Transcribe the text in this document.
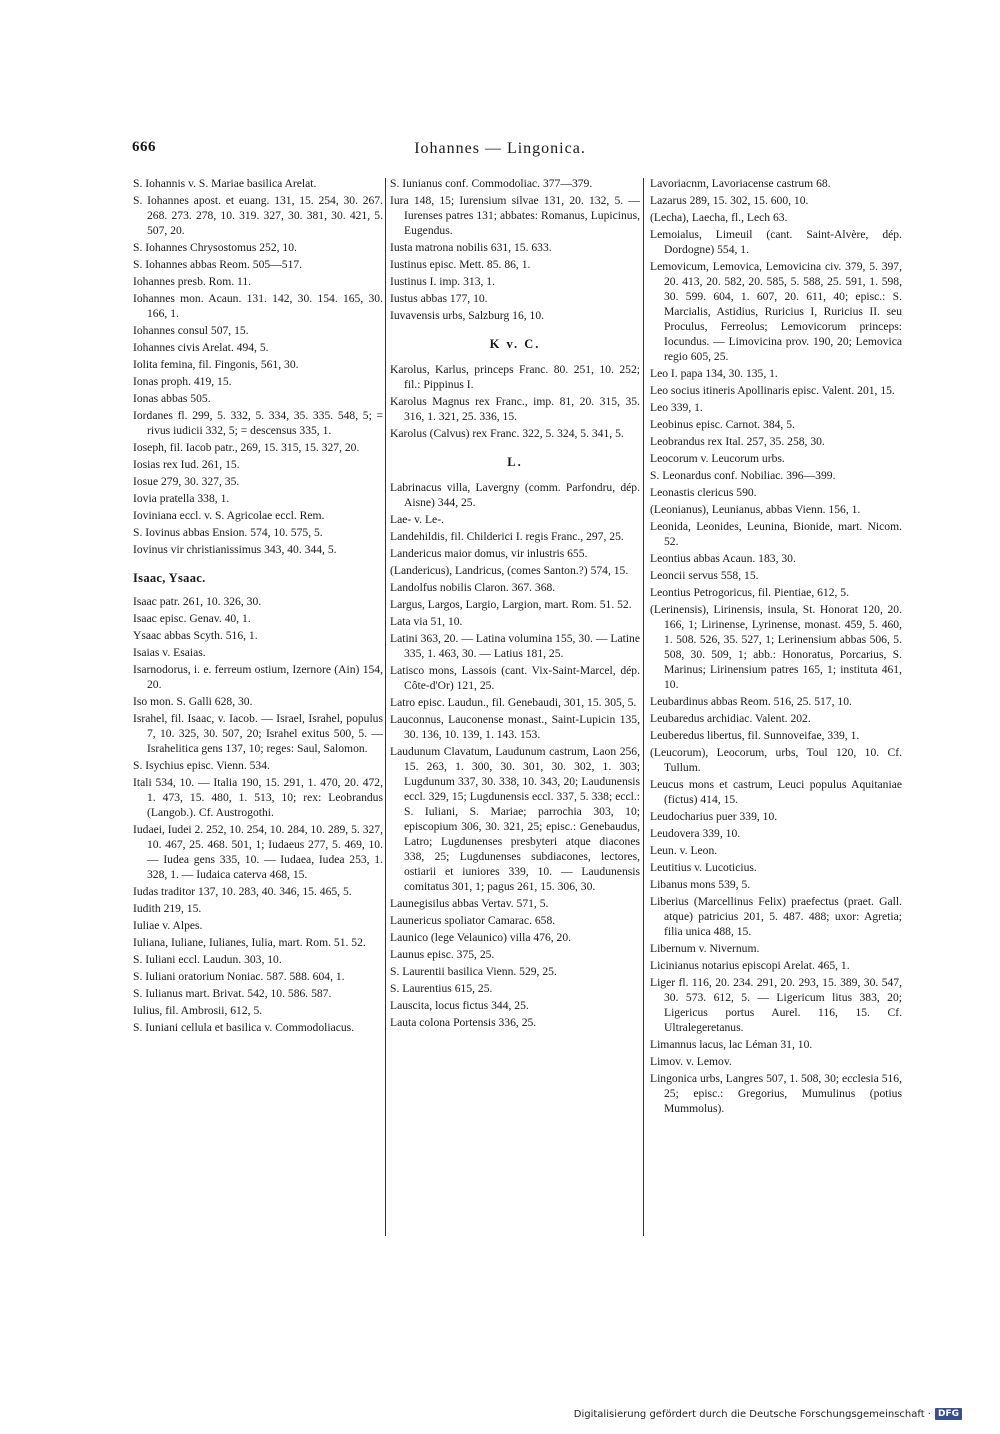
666	Iohannes — Lingonica.

S. Iohannis v. S. Mariae basilica Arelat.

S. Iohannes apost. et euang. 131, 15. 254, 30. 267. 268. 273. 278, 10. 319. 327, 30. 381, 30. 421, 5. 507, 20.

S. Iohannes Chrysostomus 252, 10.

S. Iohannes abbas Reom. 505—517.

Iohannes presb. Rom. 11.

Iohannes mon. Acaun. 131. 142, 30. 154. 165, 30. 166, 1.

Iohannes consul 507, 15.

Iohannes civis Arelat. 494, 5.

Iolita femina, fil. Fingonis, 561, 30.

Ionas proph. 419, 15.

Ionas abbas 505.

Iordanes fl. 299, 5. 332, 5. 334, 35. 335. 548, 5; = rivus iudicii 332, 5; = descensus 335, 1.

Ioseph, fil. Iacob patr., 269, 15. 315, 15. 327, 20.

Iosias rex Iud. 261, 15.

Iosue 279, 30. 327, 35.

Iovia pratella 338, 1.

Ioviniana eccl. v. S. Agricolae eccl. Rem.

S. Iovinus abbas Ension. 574, 10. 575, 5.

Iovinus vir christianissimus 343, 40. 344, 5.

Isaac, Ysaac.

Isaac patr. 261, 10. 326, 30.

Isaac episc. Genav. 40, 1.

Ysaac abbas Scyth. 516, 1.

Isaias v. Esaias.

Isarnodorus, i. e. ferreum ostium, Izernore (Ain) 154, 20.

Iso mon. S. Galli 628, 30.

Israhel, fil. Isaac, v. Iacob. — Israel, Israhel, populus 7, 10. 325, 30. 507, 20; Israhel exitus 500, 5. — Israhelitica gens 137, 10; reges: Saul, Salomon.

S. Isychius episc. Vienn. 534.

Itali 534, 10. — Italia 190, 15. 291, 1. 470, 20. 472, 1. 473, 15. 480, 1. 513, 10; rex: Leobrandus (Langob.). Cf. Austrogothi.

Iudaei, Iudei 2. 252, 10. 254, 10. 284, 10. 289, 5. 327, 10. 467, 25. 468. 501, 1; Iudaeus 277, 5. 469, 10. — Iudea gens 335, 10. — Iudaea, Iudea 253, 1. 328, 1. — Iudaica caterva 468, 15.

Iudas traditor 137, 10. 283, 40. 346, 15. 465, 5.

Iudith 219, 15.

Iuliae v. Alpes.

Iuliana, Iuliane, Iulianes, Iulia, mart. Rom. 51. 52.

S. Iuliani eccl. Laudun. 303, 10.

S. Iuliani oratorium Noniac. 587. 588. 604, 1.

S. Iulianus mart. Brivat. 542, 10. 586. 587.

Iulius, fil. Ambrosii, 612, 5.

S. Iuniani cellula et basilica v. Commodoliacus.

S. Iunianus conf. Commodoliac. 377—379.

Iura 148, 15; Iurensium silvae 131, 20. 132, 5. — Iurenses patres 131; abbates: Romanus, Lupicinus, Eugendus.

Iusta matrona nobilis 631, 15. 633.

Iustinus episc. Mett. 85. 86, 1.

Iustinus I. imp. 313, 1.

Iustus abbas 177, 10.

Iuvavensis urbs, Salzburg 16, 10.

K v. C.

Karolus, Karlus, princeps Franc. 80. 251, 10. 252; fil.: Pippinus I.

Karolus Magnus rex Franc., imp. 81, 20. 315, 35. 316, 1. 321, 25. 336, 15.

Karolus (Calvus) rex Franc. 322, 5. 324, 5. 341, 5.

L.

Labrinacus villa, Lavergny (comm. Parfondru, dép. Aisne) 344, 25.

Lae- v. Le-.

Landehildis, fil. Childerici I. regis Franc., 297, 25.

Landericus maior domus, vir inlustris 655.

(Landericus), Landricus, (comes Santon.?) 574, 15.

Landolfus nobilis Claron. 367. 368.

Largus, Largos, Largio, Largion, mart. Rom. 51. 52.

Lata via 51, 10.

Latini 363, 20. — Latina volumina 155, 30. — Latine 335, 1. 463, 30. — Latius 181, 25.

Latisco mons, Lassois (cant. Vix-Saint-Marcel, dép. Côte-d'Or) 121, 25.

Latro episc. Laudun., fil. Genebaudi, 301, 15. 305, 5.

Lauconnus, Lauconense monast., Saint-Lupicin 135, 30. 136, 10. 139, 1. 143. 153.

Laudunum Clavatum, Laudunum castrum, Laon 256, 15. 263, 1. 300, 30. 301, 30. 302, 1. 303; Lugdunum 337, 30. 338, 10. 343, 20; Laudunensis eccl. 329, 15; Lugdunensis eccl. 337, 5. 338; eccl.: S. Iuliani, S. Mariae; parrochia 303, 10; episcopium 306, 30. 321, 25; episc.: Genebaudus, Latro; Lugdunenses presbyteri atque diacones 338, 25; Lugdunenses subdiacones, lectores, ostiarii et iuniores 339, 10. — Laudunensis comitatus 301, 1; pagus 261, 15. 306, 30.

Launegisilus abbas Vertav. 571, 5.

Launericus spoliator Camarac. 658.

Launico (lege Velaunico) villa 476, 20.

Launus episc. 375, 25.

S. Laurentii basilica Vienn. 529, 25.

S. Laurentius 615, 25.

Lauscita, locus fictus 344, 25.

Lauta colona Portensis 336, 25.

Lavoriacnm, Lavoriacense castrum 68.

Lazarus 289, 15. 302, 15. 600, 10.

(Lecha), Laecha, fl., Lech 63.

Lemoialus, Limeuil (cant. Saint-Alvère, dép. Dordogne) 554, 1.

Lemovicum, Lemovica, Lemovicina civ. 379, 5. 397, 20. 413, 20. 582, 20. 585, 5. 588, 25. 591, 1. 598, 30. 599. 604, 1. 607, 20. 611, 40; episc.: S. Marcialis, Astidius, Ruricius I, Ruricius II. seu Proculus, Ferreolus; Lemovicorum princeps: Iocundus. — Limovicina prov. 190, 20; Lemovica regio 605, 25.

Leo I. papa 134, 30. 135, 1.

Leo socius itineris Apollinaris episc. Valent. 201, 15.

Leo 339, 1.

Leobinus episc. Carnot. 384, 5.

Leobrandus rex Ital. 257, 35. 258, 30.

Leocorum v. Leucorum urbs.

S. Leonardus conf. Nobiliac. 396—399.

Leonastis clericus 590.

(Leonianus), Leunianus, abbas Vienn. 156, 1.

Leonida, Leonides, Leunina, Bionide, mart. Nicom. 52.

Leontius abbas Acaun. 183, 30.

Leoncii servus 558, 15.

Leontius Petrogoricus, fil. Pientiae, 612, 5.

(Lerinensis), Lirinensis, insula, St. Honorat 120, 20. 166, 1; Lirinense, Lyrinense, monast. 459, 5. 460, 1. 508. 526, 35. 527, 1; Lerinensium abbas 506, 5. 508, 30. 509, 1; abb.: Honoratus, Porcarius, S. Marinus; Lirinensium patres 165, 1; instituta 461, 10.

Leubardinus abbas Reom. 516, 25. 517, 10.

Leubaredus archidiac. Valent. 202.

Leuberedus libertus, fil. Sunnoveifae, 339, 1.

(Leucorum), Leocorum, urbs, Toul 120, 10. Cf. Tullum.

Leucus mons et castrum, Leuci populus Aquitaniae (fictus) 414, 15.

Leudocharius puer 339, 10.

Leudovera 339, 10.

Leun. v. Leon.

Leutitius v. Lucoticius.

Libanus mons 539, 5.

Liberius (Marcellinus Felix) praefectus (praet. Gall. atque) patricius 201, 5. 487. 488; uxor: Agretia; filia unica 488, 15.

Libernum v. Nivernum.

Licinianus notarius episcopi Arelat. 465, 1.

Liger fl. 116, 20. 234. 291, 20. 293, 15. 389, 30. 547, 30. 573. 612, 5. — Ligericum litus 383, 20; Ligericus portus Aurel. 116, 15. Cf. Ultralegeretanus.

Limannus lacus, lac Léman 31, 10.

Limov. v. Lemov.

Lingonica urbs, Langres 507, 1. 508, 30; ecclesia 516, 25; episc.: Gregorius, Mumulinus (potius Mummolus).

Digitalisierung gefördert durch die Deutsche Forschungsgemeinschaft · DFG
